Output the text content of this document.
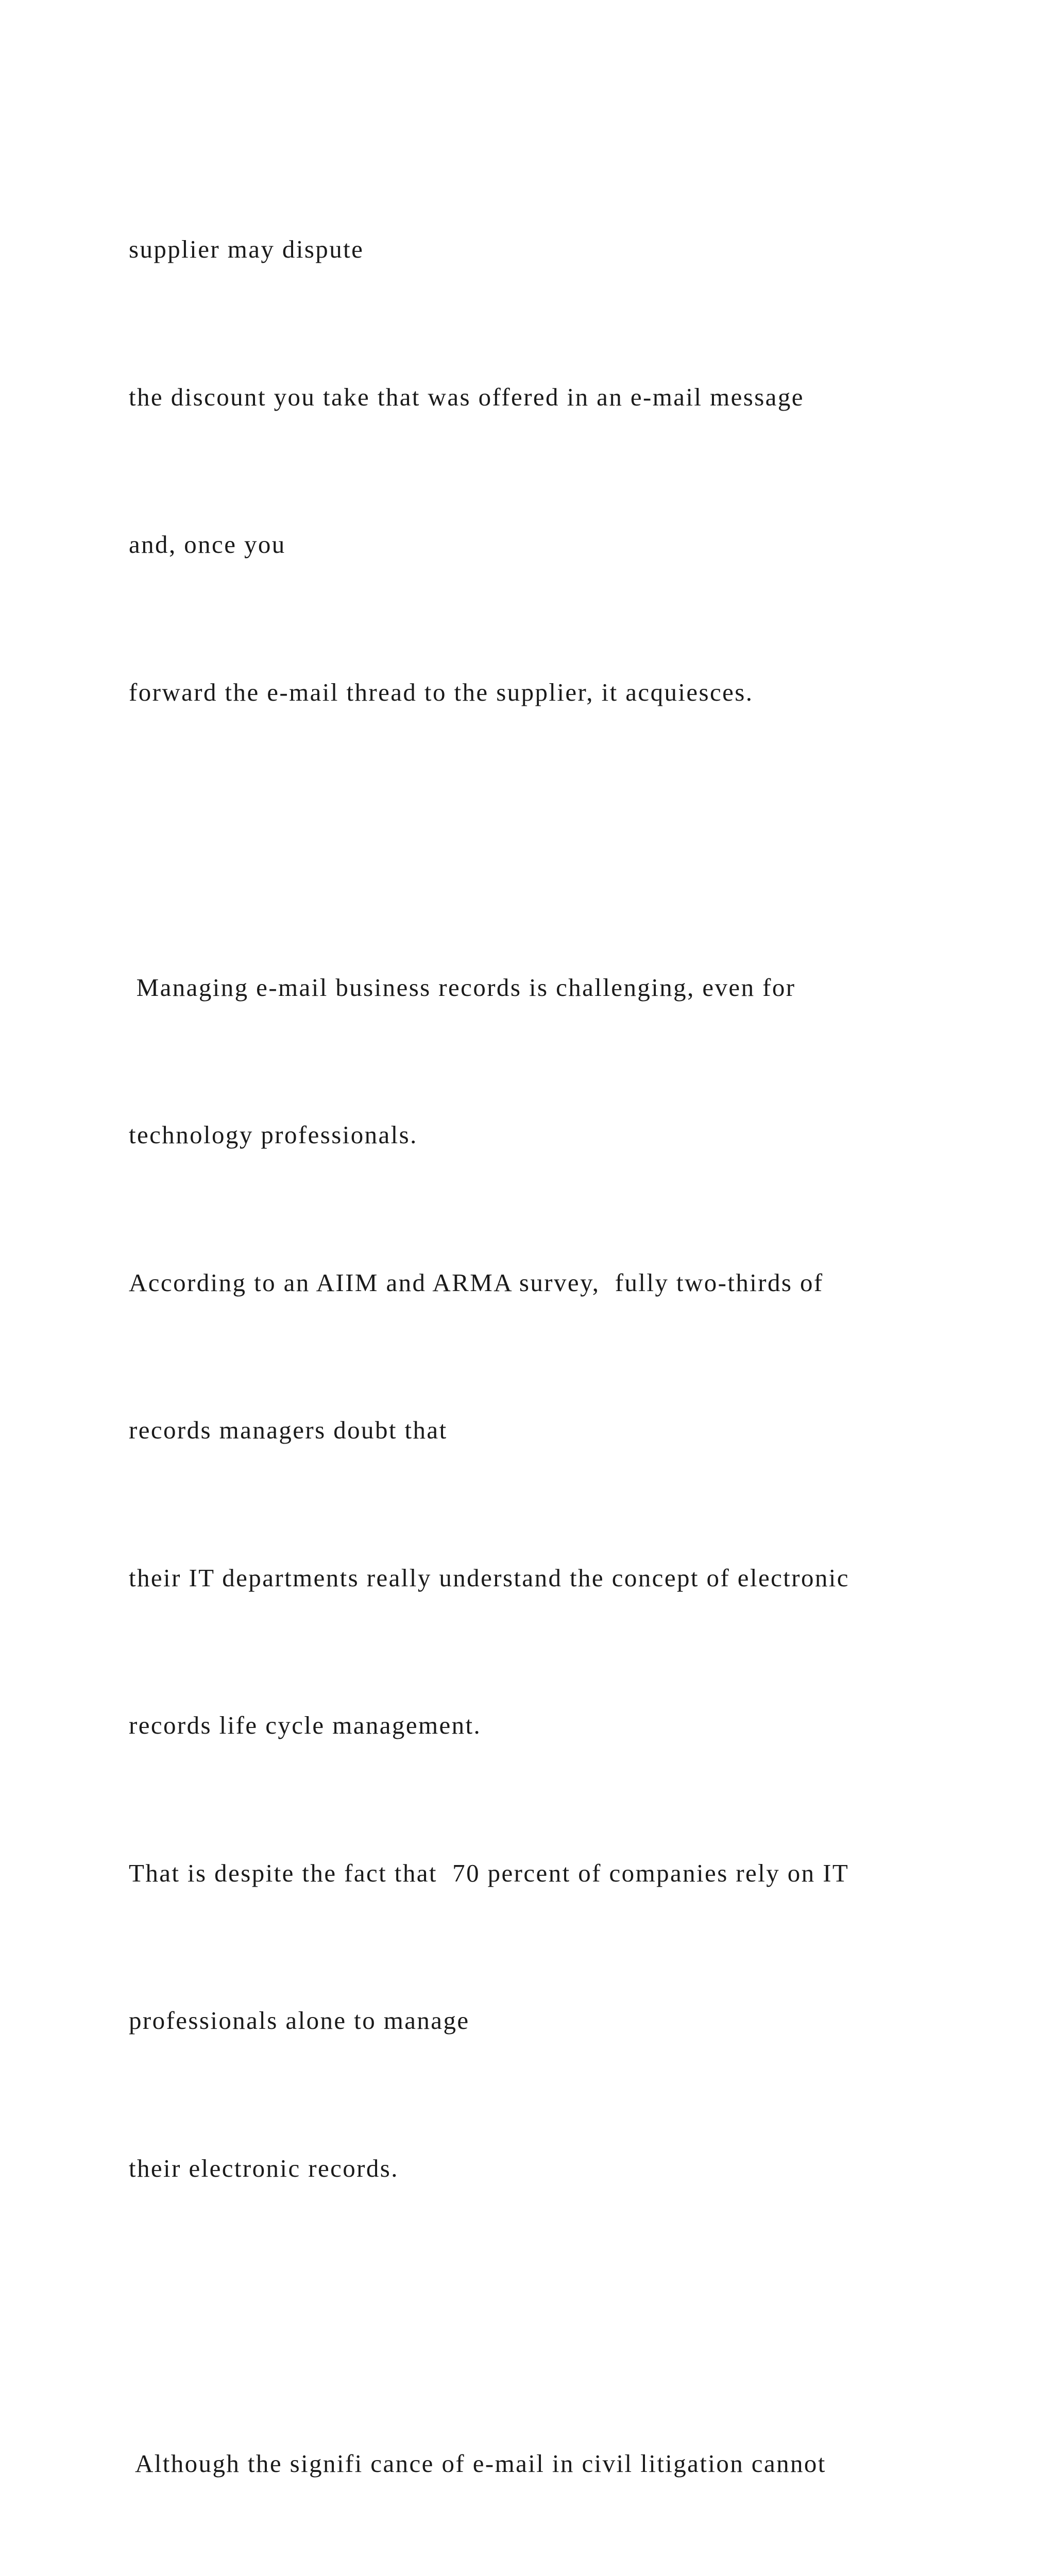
supplier may dispute

the discount you take that was offered in an e-mail message

and, once you

forward the e-mail thread to the supplier, it acquiesces.

Managing e-mail business records is challenging, even for

technology professionals.

According to an AIIM and ARMA survey,  fully two-thirds of

records managers doubt that

their IT departments really understand the concept of electronic

records life cycle management.

That is despite the fact that  70 percent of companies rely on IT

professionals alone to manage

their electronic records.

Although the signifi cance of e-mail in civil litigation cannot
